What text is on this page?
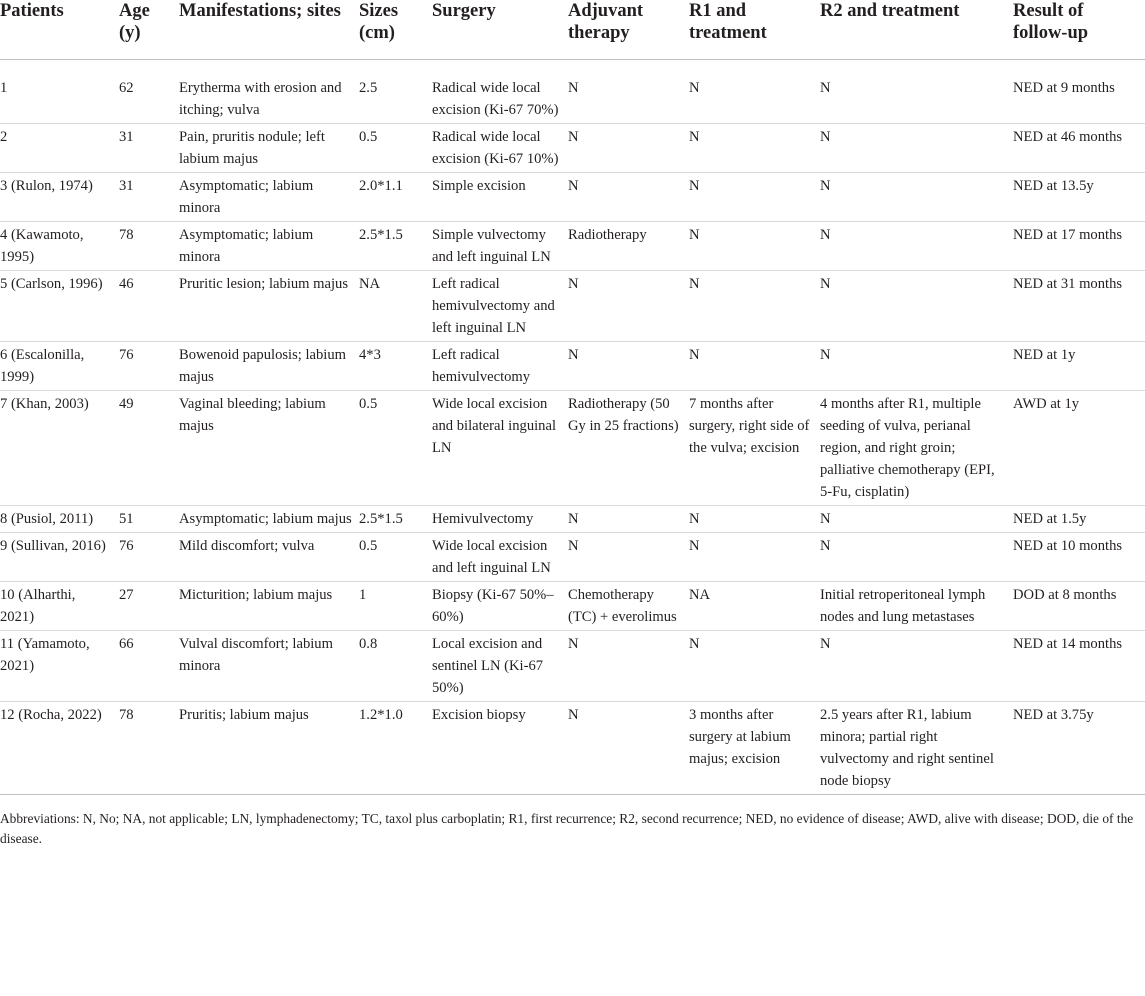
Patients	Age (y)	Manifestations; sites	Sizes (cm)	Surgery	Adjuvant therapy	R1 and treatment	R2 and treatment	Result of follow-up
1	62	Erytherma with erosion and itching; vulva	2.5	Radical wide local excision (Ki-67 70%)	N	N	N	NED at 9 months
2	31	Pain, pruritis nodule; left labium majus	0.5	Radical wide local excision (Ki-67 10%)	N	N	N	NED at 46 months
3 (Rulon, 1974)	31	Asymptomatic; labium minora	2.0*1.1	Simple excision	N	N	N	NED at 13.5y
4 (Kawamoto, 1995)	78	Asymptomatic; labium minora	2.5*1.5	Simple vulvectomy and left inguinal LN	Radiotherapy	N	N	NED at 17 months
5 (Carlson, 1996)	46	Pruritic lesion; labium majus	NA	Left radical hemivulvectomy and left inguinal LN	N	N	N	NED at 31 months
6 (Escalonilla, 1999)	76	Bowenoid papulosis; labium majus	4*3	Left radical hemivulvectomy	N	N	N	NED at 1y
7 (Khan, 2003)	49	Vaginal bleeding; labium majus	0.5	Wide local excision and bilateral inguinal LN	Radiotherapy (50 Gy in 25 fractions)	7 months after surgery, right side of the vulva; excision	4 months after R1, multiple seeding of vulva, perianal region, and right groin; palliative chemotherapy (EPI, 5-Fu, cisplatin)	AWD at 1y
8 (Pusiol, 2011)	51	Asymptomatic; labium majus	2.5*1.5	Hemivulvectomy	N	N	N	NED at 1.5y
9 (Sullivan, 2016)	76	Mild discomfort; vulva	0.5	Wide local excision and left inguinal LN	N	N	N	NED at 10 months
10 (Alharthi, 2021)	27	Micturition; labium majus	1	Biopsy (Ki-67 50%–60%)	Chemotherapy (TC) + everolimus	NA	Initial retroperitoneal lymph nodes and lung metastases	DOD at 8 months
11 (Yamamoto, 2021)	66	Vulval discomfort; labium minora	0.8	Local excision and sentinel LN (Ki-67 50%)	N	N	N	NED at 14 months
12 (Rocha, 2022)	78	Pruritis; labium majus	1.2*1.0	Excision biopsy	N	3 months after surgery at labium majus; excision	2.5 years after R1, labium minora; partial right vulvectomy and right sentinel node biopsy	NED at 3.75y
Abbreviations: N, No; NA, not applicable; LN, lymphadenectomy; TC, taxol plus carboplatin; R1, first recurrence; R2, second recurrence; NED, no evidence of disease; AWD, alive with disease; DOD, die of the disease.
